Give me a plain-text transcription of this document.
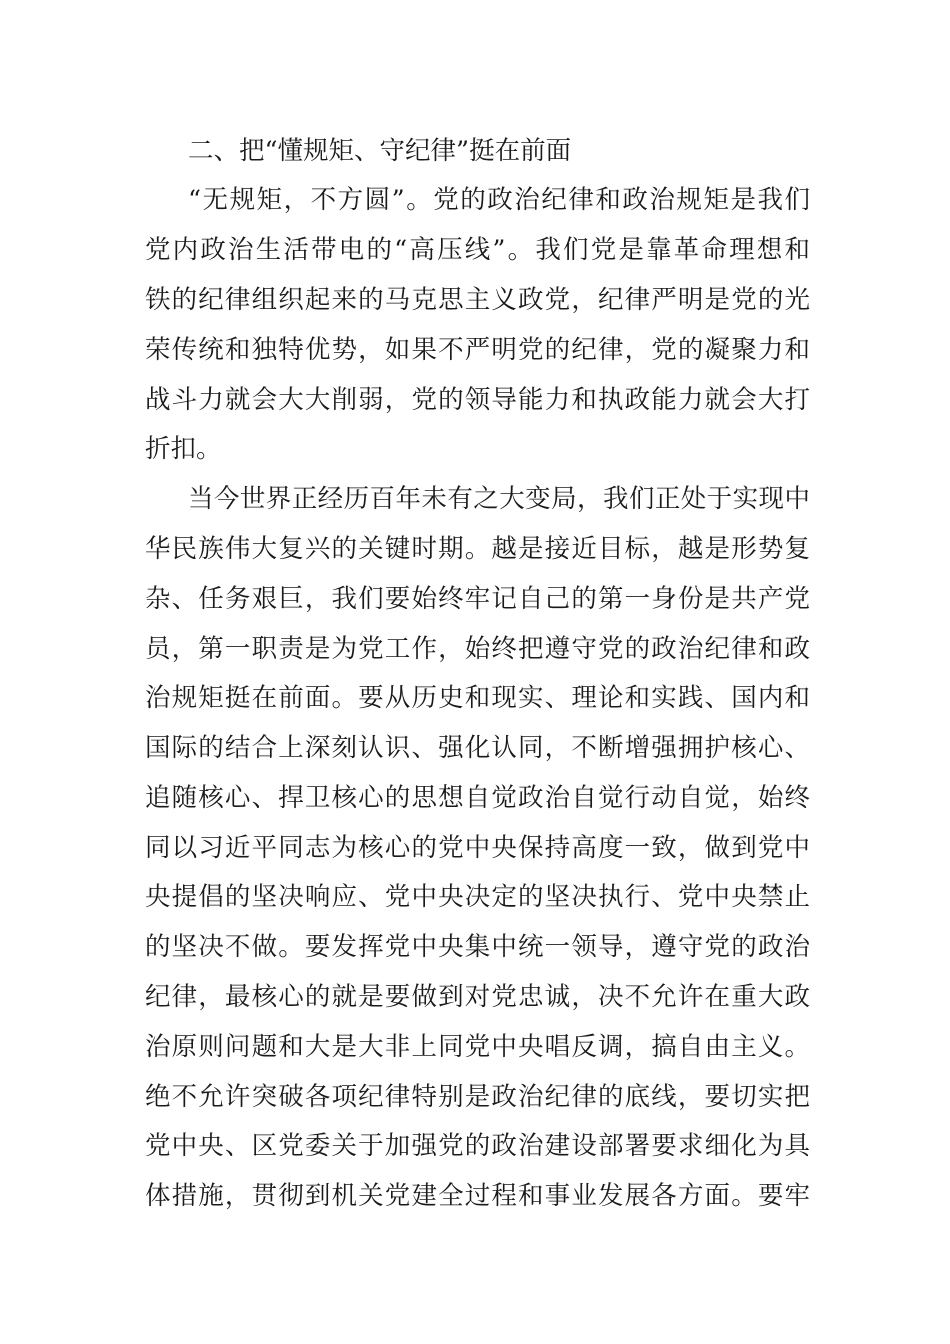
二、把“懂规矩、守纪律”挺在前面
“无规矩，不方圆”。党的政治纪律和政治规矩是我们
党内政治生活带电的“高压线”。我们党是靠革命理想和
铁的纪律组织起来的马克思主义政党，纪律严明是党的光
荣传统和独特优势，如果不严明党的纪律，党的凝聚力和
战斗力就会大大削弱，党的领导能力和执政能力就会大打
折扣。
当今世界正经历百年未有之大变局，我们正处于实现中
华民族伟大复兴的关键时期。越是接近目标，越是形势复
杂、任务艰巨，我们要始终牢记自己的第一身份是共产党
员，第一职责是为党工作，始终把遵守党的政治纪律和政
治规矩挺在前面。要从历史和现实、理论和实践、国内和
国际的结合上深刻认识、强化认同，不断增强拥护核心、
追随核心、捍卫核心的思想自觉政治自觉行动自觉，始终
同以习近平同志为核心的党中央保持高度一致，做到党中
央提倡的坚决响应、党中央决定的坚决执行、党中央禁止
的坚决不做。要发挥党中央集中统一领导，遵守党的政治
纪律，最核心的就是要做到对党忠诚，决不允许在重大政
治原则问题和大是大非上同党中央唱反调，搞自由主义。
绝不允许突破各项纪律特别是政治纪律的底线，要切实把
党中央、区党委关于加强党的政治建设部署要求细化为具
体措施，贯彻到机关党建全过程和事业发展各方面。要牢
